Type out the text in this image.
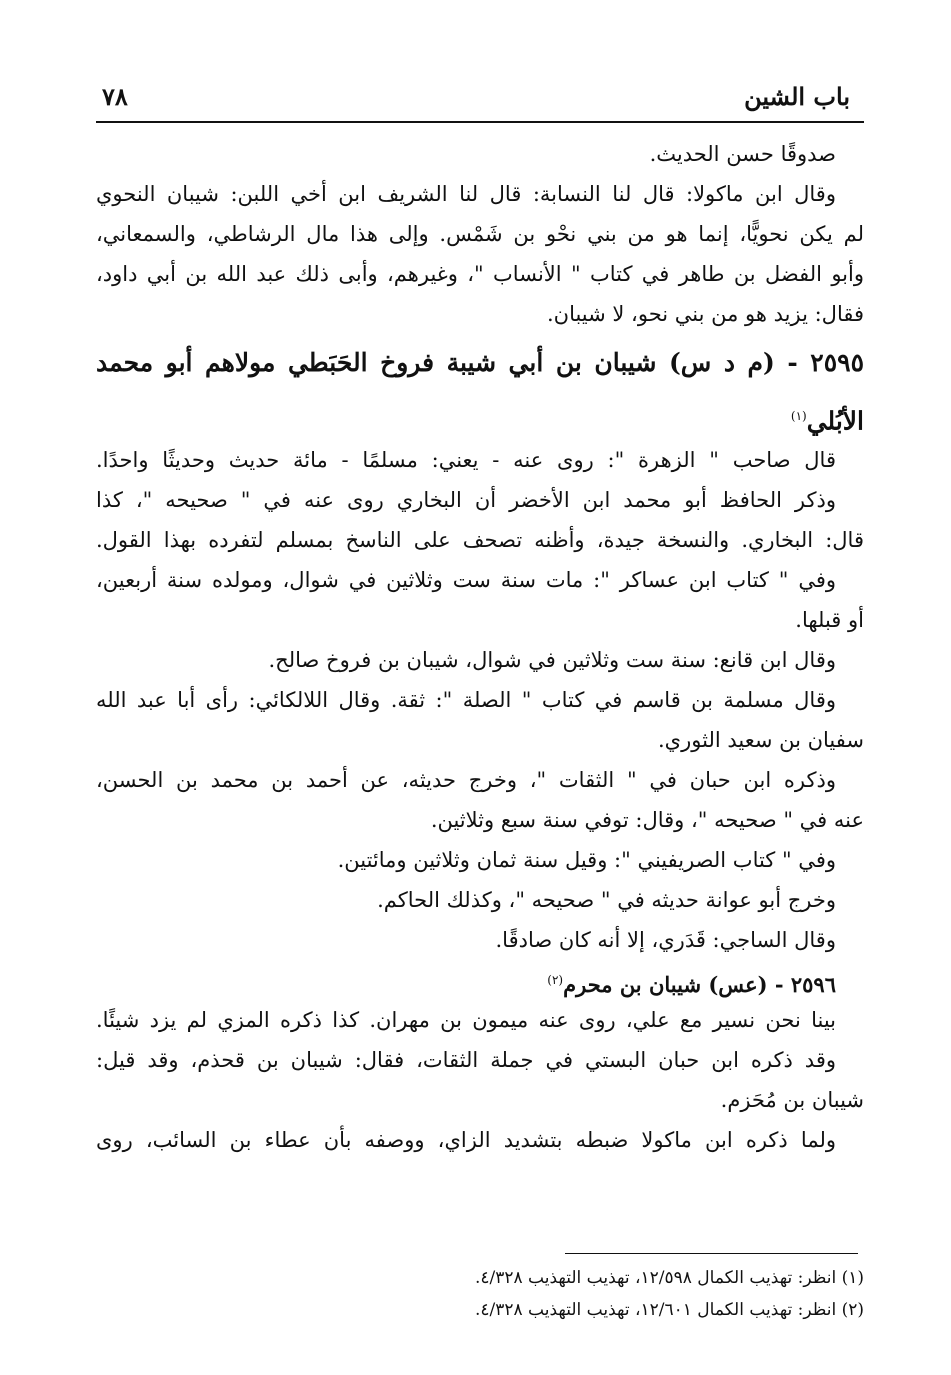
٧٨	باب الشين
صدوقًا حسن الحديث.
وقال ابن ماكولا: قال لنا النسابة: قال لنا الشريف ابن أخي اللبن: شيبان النحوي
لم يكن نحويًّا، إنما هو من بني نحْو بن شَمْس. وإلى هذا مال الرشاطي، والسمعاني،
وأبو الفضل بن طاهر في كتاب " الأنساب "، وغيرهم، وأبى ذلك عبد الله بن أبي داود،
فقال: يزيد هو من بني نحو، لا شيبان.
٢٥٩٥ - (م د س) شيبان بن أبي شيبة فروخ الحَبَطي مولاهم أبو محمد
الأبُلي$^{(١)}$
قال صاحب " الزهرة ": روى عنه - يعني: مسلمًا - مائة حديث وحديثًا واحدًا.
وذكر الحافظ أبو محمد ابن الأخضر أن البخاري روى عنه في " صحيحه "، كذا
قال: البخاري. والنسخة جيدة، وأظنه تصحف على الناسخ بمسلم لتفرده بهذا القول.
وفي " كتاب ابن عساكر ": مات سنة ست وثلاثين في شوال، ومولده سنة أربعين،
أو قبلها.
وقال ابن قانع: سنة ست وثلاثين في شوال، شيبان بن فروخ صالح.
وقال مسلمة بن قاسم في كتاب " الصلة ": ثقة. وقال اللالكائي: رأى أبا عبد الله
سفيان بن سعيد الثوري.
وذكره ابن حبان في " الثقات "، وخرج حديثه، عن أحمد بن محمد بن الحسن،
عنه في " صحيحه "، وقال: توفي سنة سبع وثلاثين.
وفي " كتاب الصريفيني ": وقيل سنة ثمان وثلاثين ومائتين.
وخرج أبو عوانة حديثه في " صحيحه "، وكذلك الحاكم.
وقال الساجي: قَدَري، إلا أنه كان صادقًا.
٢٥٩٦ - (عس) شيبان بن محرم$^{(٢)}$
بينا نحن نسير مع علي، روى عنه ميمون بن مهران. كذا ذكره المزي لم يزد شيئًا.
وقد ذكره ابن حبان البستي في جملة الثقات، فقال: شيبان بن قحذم، وقد قيل:
شيبان بن مُحَزم.
ولما ذكره ابن ماكولا ضبطه بتشديد الزاي، ووصفه بأن عطاء بن السائب، روى
(١) انظر: تهذيب الكمال ١٢/٥٩٨، تهذيب التهذيب ٤/٣٢٨.
(٢) انظر: تهذيب الكمال ١٢/٦٠١، تهذيب التهذيب ٤/٣٢٨.
